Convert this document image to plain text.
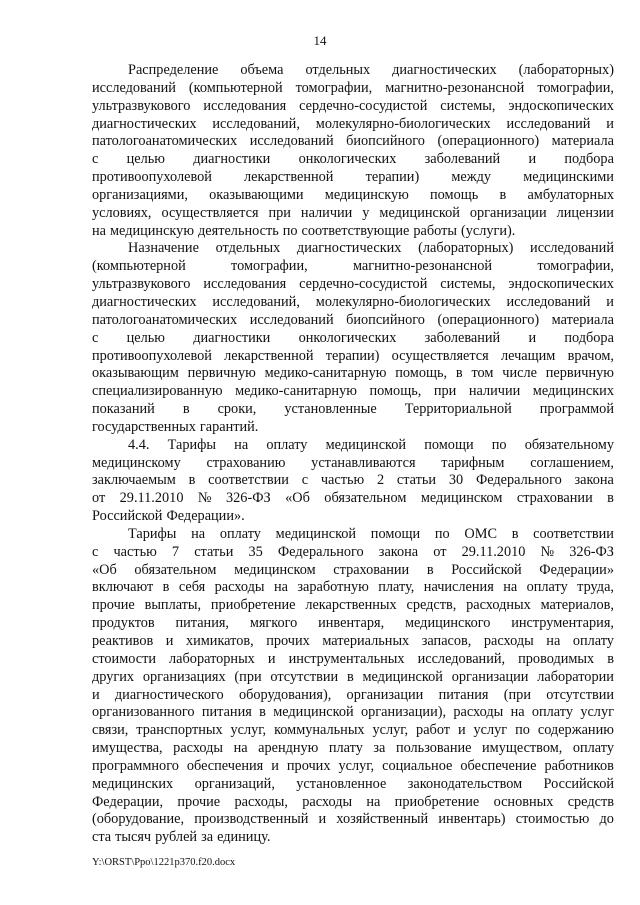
14
Распределение объема отдельных диагностических (лабораторных)
исследований (компьютерной томографии, магнитно-резонансной томографии,
ультразвукового исследования сердечно-сосудистой системы, эндоскопических
диагностических исследований, молекулярно-биологических исследований и
патологоанатомических исследований биопсийного (операционного) материала
с целью диагностики онкологических заболеваний и подбора
противоопухолевой лекарственной терапии) между медицинскими
организациями, оказывающими медицинскую помощь в амбулаторных
условиях, осуществляется при наличии у медицинской организации лицензии
на медицинскую деятельность по соответствующие работы (услуги).
Назначение отдельных диагностических (лабораторных) исследований
(компьютерной	томографии,	магнитно-резонансной	томографии,
ультразвукового исследования сердечно-сосудистой системы, эндоскопических
диагностических исследований, молекулярно-биологических исследований и
патологоанатомических исследований биопсийного (операционного) материала
с целью диагностики онкологических заболеваний и подбора
противоопухолевой лекарственной терапии) осуществляется лечащим врачом,
оказывающим первичную медико-санитарную помощь, в том числе первичную
специализированную медико-санитарную помощь, при наличии медицинских
показаний в сроки, установленные Территориальной программой
государственных гарантий.
4.4. Тарифы на оплату медицинской помощи по обязательному
медицинскому страхованию устанавливаются тарифным соглашением,
заключаемым в соответствии с частью 2 статьи 30 Федерального закона
от 29.11.2010 № 326-ФЗ «Об обязательном медицинском страховании в
Российской Федерации».
Тарифы на оплату медицинской помощи по ОМС в соответствии
с частью 7 статьи 35 Федерального закона от 29.11.2010 № 326-ФЗ
«Об обязательном медицинском страховании в Российской Федерации»
включают в себя расходы на заработную плату, начисления на оплату труда,
прочие выплаты, приобретение лекарственных средств, расходных материалов,
продуктов питания, мягкого инвентаря, медицинского инструментария,
реактивов и химикатов, прочих материальных запасов, расходы на оплату
стоимости лабораторных и инструментальных исследований, проводимых в
других организациях (при отсутствии в медицинской организации лаборатории
и диагностического оборудования), организации питания (при отсутствии
организованного питания в медицинской организации), расходы на оплату услуг
связи, транспортных услуг, коммунальных услуг, работ и услуг по содержанию
имущества, расходы на арендную плату за пользование имуществом, оплату
программного обеспечения и прочих услуг, социальное обеспечение работников
медицинских организаций, установленное законодательством Российской
Федерации, прочие расходы, расходы на приобретение основных средств
(оборудование, производственный и хозяйственный инвентарь) стоимостью до
ста тысяч рублей за единицу.
Y:\ORST\Ppo\1221p370.f20.docx
